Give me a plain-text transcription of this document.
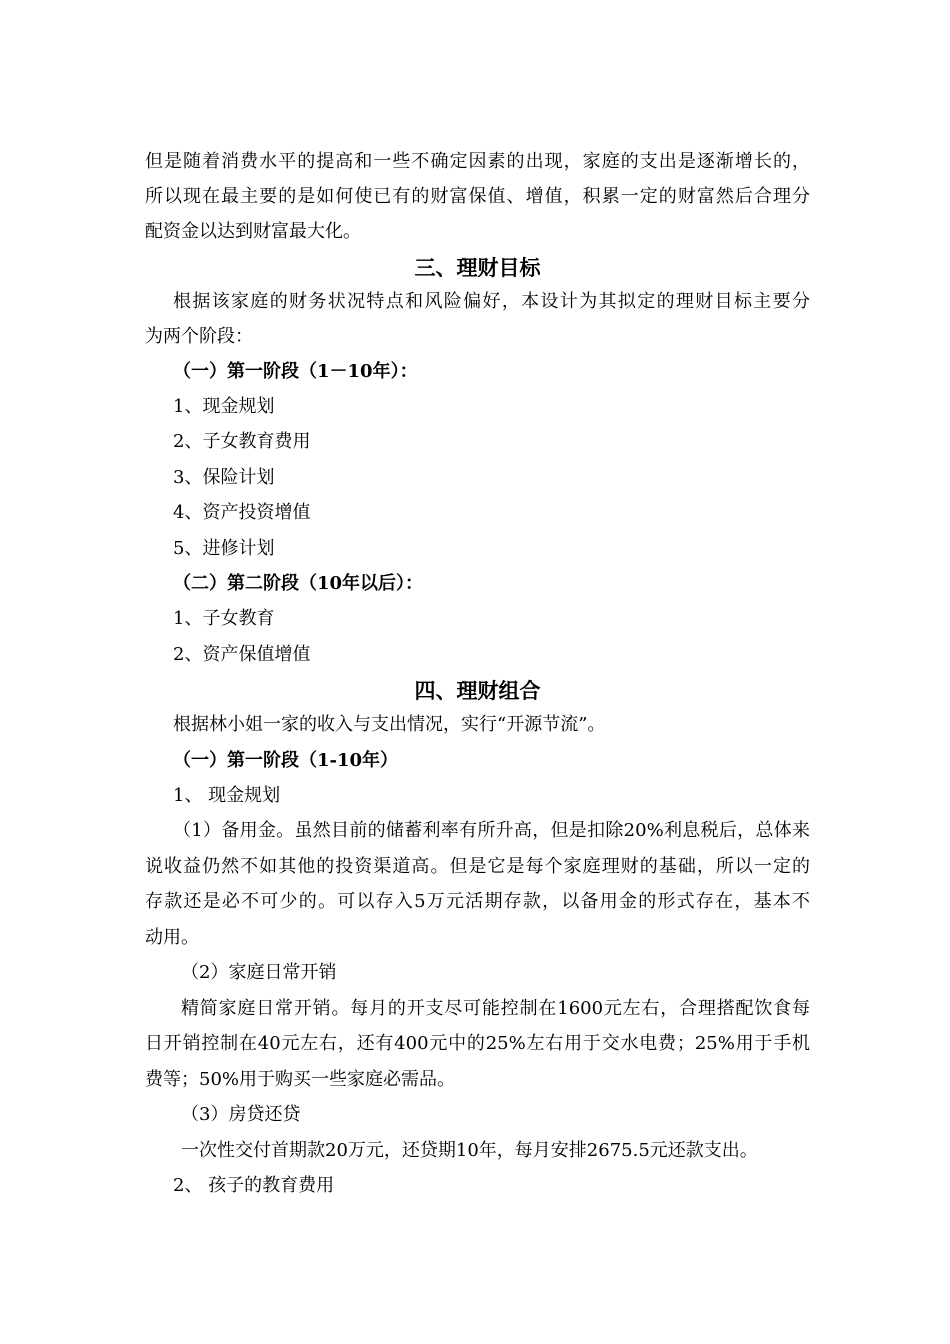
但是随着消费水平的提高和一些不确定因素的出现，家庭的支出是逐渐增长的，
所以现在最主要的是如何使已有的财富保值、增值，积累一定的财富然后合理分
配资金以达到财富最大化。
三、理财目标
根据该家庭的财务状况特点和风险偏好，本设计为其拟定的理财目标主要分
为两个阶段：
（一）第一阶段（1－10年）：
1、现金规划
2、子女教育费用
3、保险计划
4、资产投资增值
5、进修计划
（二）第二阶段（10年以后）：
1、子女教育
2、资产保值增值
四、理财组合
根据林小姐一家的收入与支出情况，实行“开源节流”。
（一）第一阶段（1-10年）
1、 现金规划
（1）备用金。虽然目前的储蓄利率有所升高，但是扣除20%利息税后，总体来
说收益仍然不如其他的投资渠道高。但是它是每个家庭理财的基础，所以一定的
存款还是必不可少的。可以存入5万元活期存款，以备用金的形式存在，基本不
动用。
（2）家庭日常开销
精简家庭日常开销。每月的开支尽可能控制在1600元左右，合理搭配饮食每
日开销控制在40元左右，还有400元中的25%左右用于交水电费；25%用于手机
费等；50%用于购买一些家庭必需品。
（3）房贷还贷
一次性交付首期款20万元，还贷期10年，每月安排2675.5元还款支出。
2、 孩子的教育费用
